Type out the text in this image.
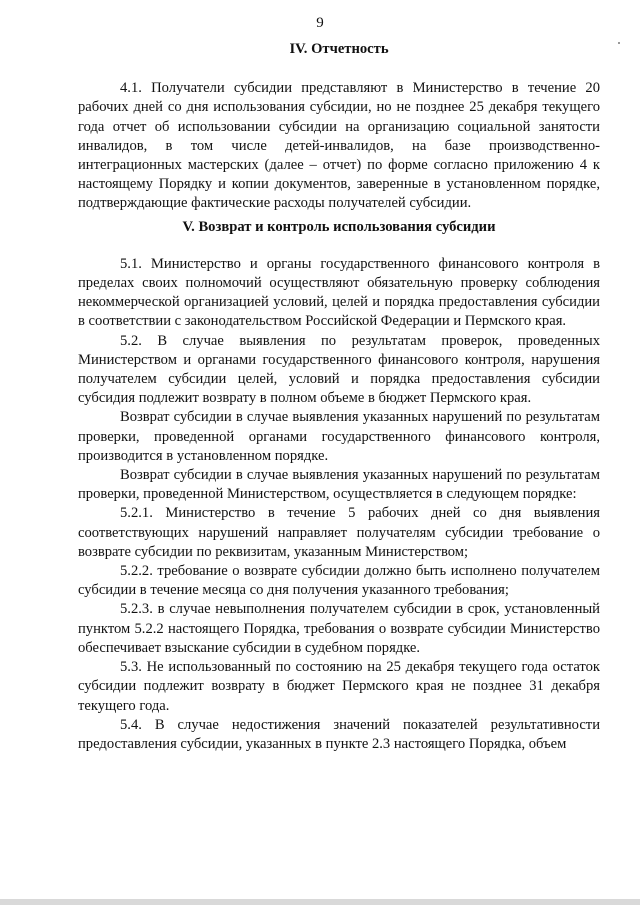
9
IV. Отчетность

4.1. Получатели субсидии представляют в Министерство в течение 20 рабочих дней со дня использования субсидии, но не позднее 25 декабря текущего года отчет об использовании субсидии на организацию социальной занятости инвалидов, в том числе детей-инвалидов, на базе производственно-интеграционных мастерских (далее – отчет) по форме согласно приложению 4 к настоящему Порядку и копии документов, заверенные в установленном порядке, подтверждающие фактические расходы получателей субсидии.

V. Возврат и контроль использования субсидии

5.1. Министерство и органы государственного финансового контроля в пределах своих полномочий осуществляют обязательную проверку соблюдения некоммерческой организацией условий, целей и порядка предоставления субсидии в соответствии с законодательством Российской Федерации и Пермского края.

5.2. В случае выявления по результатам проверок, проведенных Министерством и органами государственного финансового контроля, нарушения получателем субсидии целей, условий и порядка предоставления субсидии субсидия подлежит возврату в полном объеме в бюджет Пермского края.

Возврат субсидии в случае выявления указанных нарушений по результатам проверки, проведенной органами государственного финансового контроля, производится в установленном порядке.

Возврат субсидии в случае выявления указанных нарушений по результатам проверки, проведенной Министерством, осуществляется в следующем порядке:

5.2.1. Министерство в течение 5 рабочих дней со дня выявления соответствующих нарушений направляет получателям субсидии требование о возврате субсидии по реквизитам, указанным Министерством;

5.2.2. требование о возврате субсидии должно быть исполнено получателем субсидии в течение месяца со дня получения указанного требования;

5.2.3. в случае невыполнения получателем субсидии в срок, установленный пунктом 5.2.2 настоящего Порядка, требования о возврате субсидии Министерство обеспечивает взыскание субсидии в судебном порядке.

5.3. Не использованный по состоянию на 25 декабря текущего года остаток субсидии подлежит возврату в бюджет Пермского края не позднее 31 декабря текущего года.

5.4. В случае недостижения значений показателей результативности предоставления субсидии, указанных в пункте 2.3 настоящего Порядка, объем
